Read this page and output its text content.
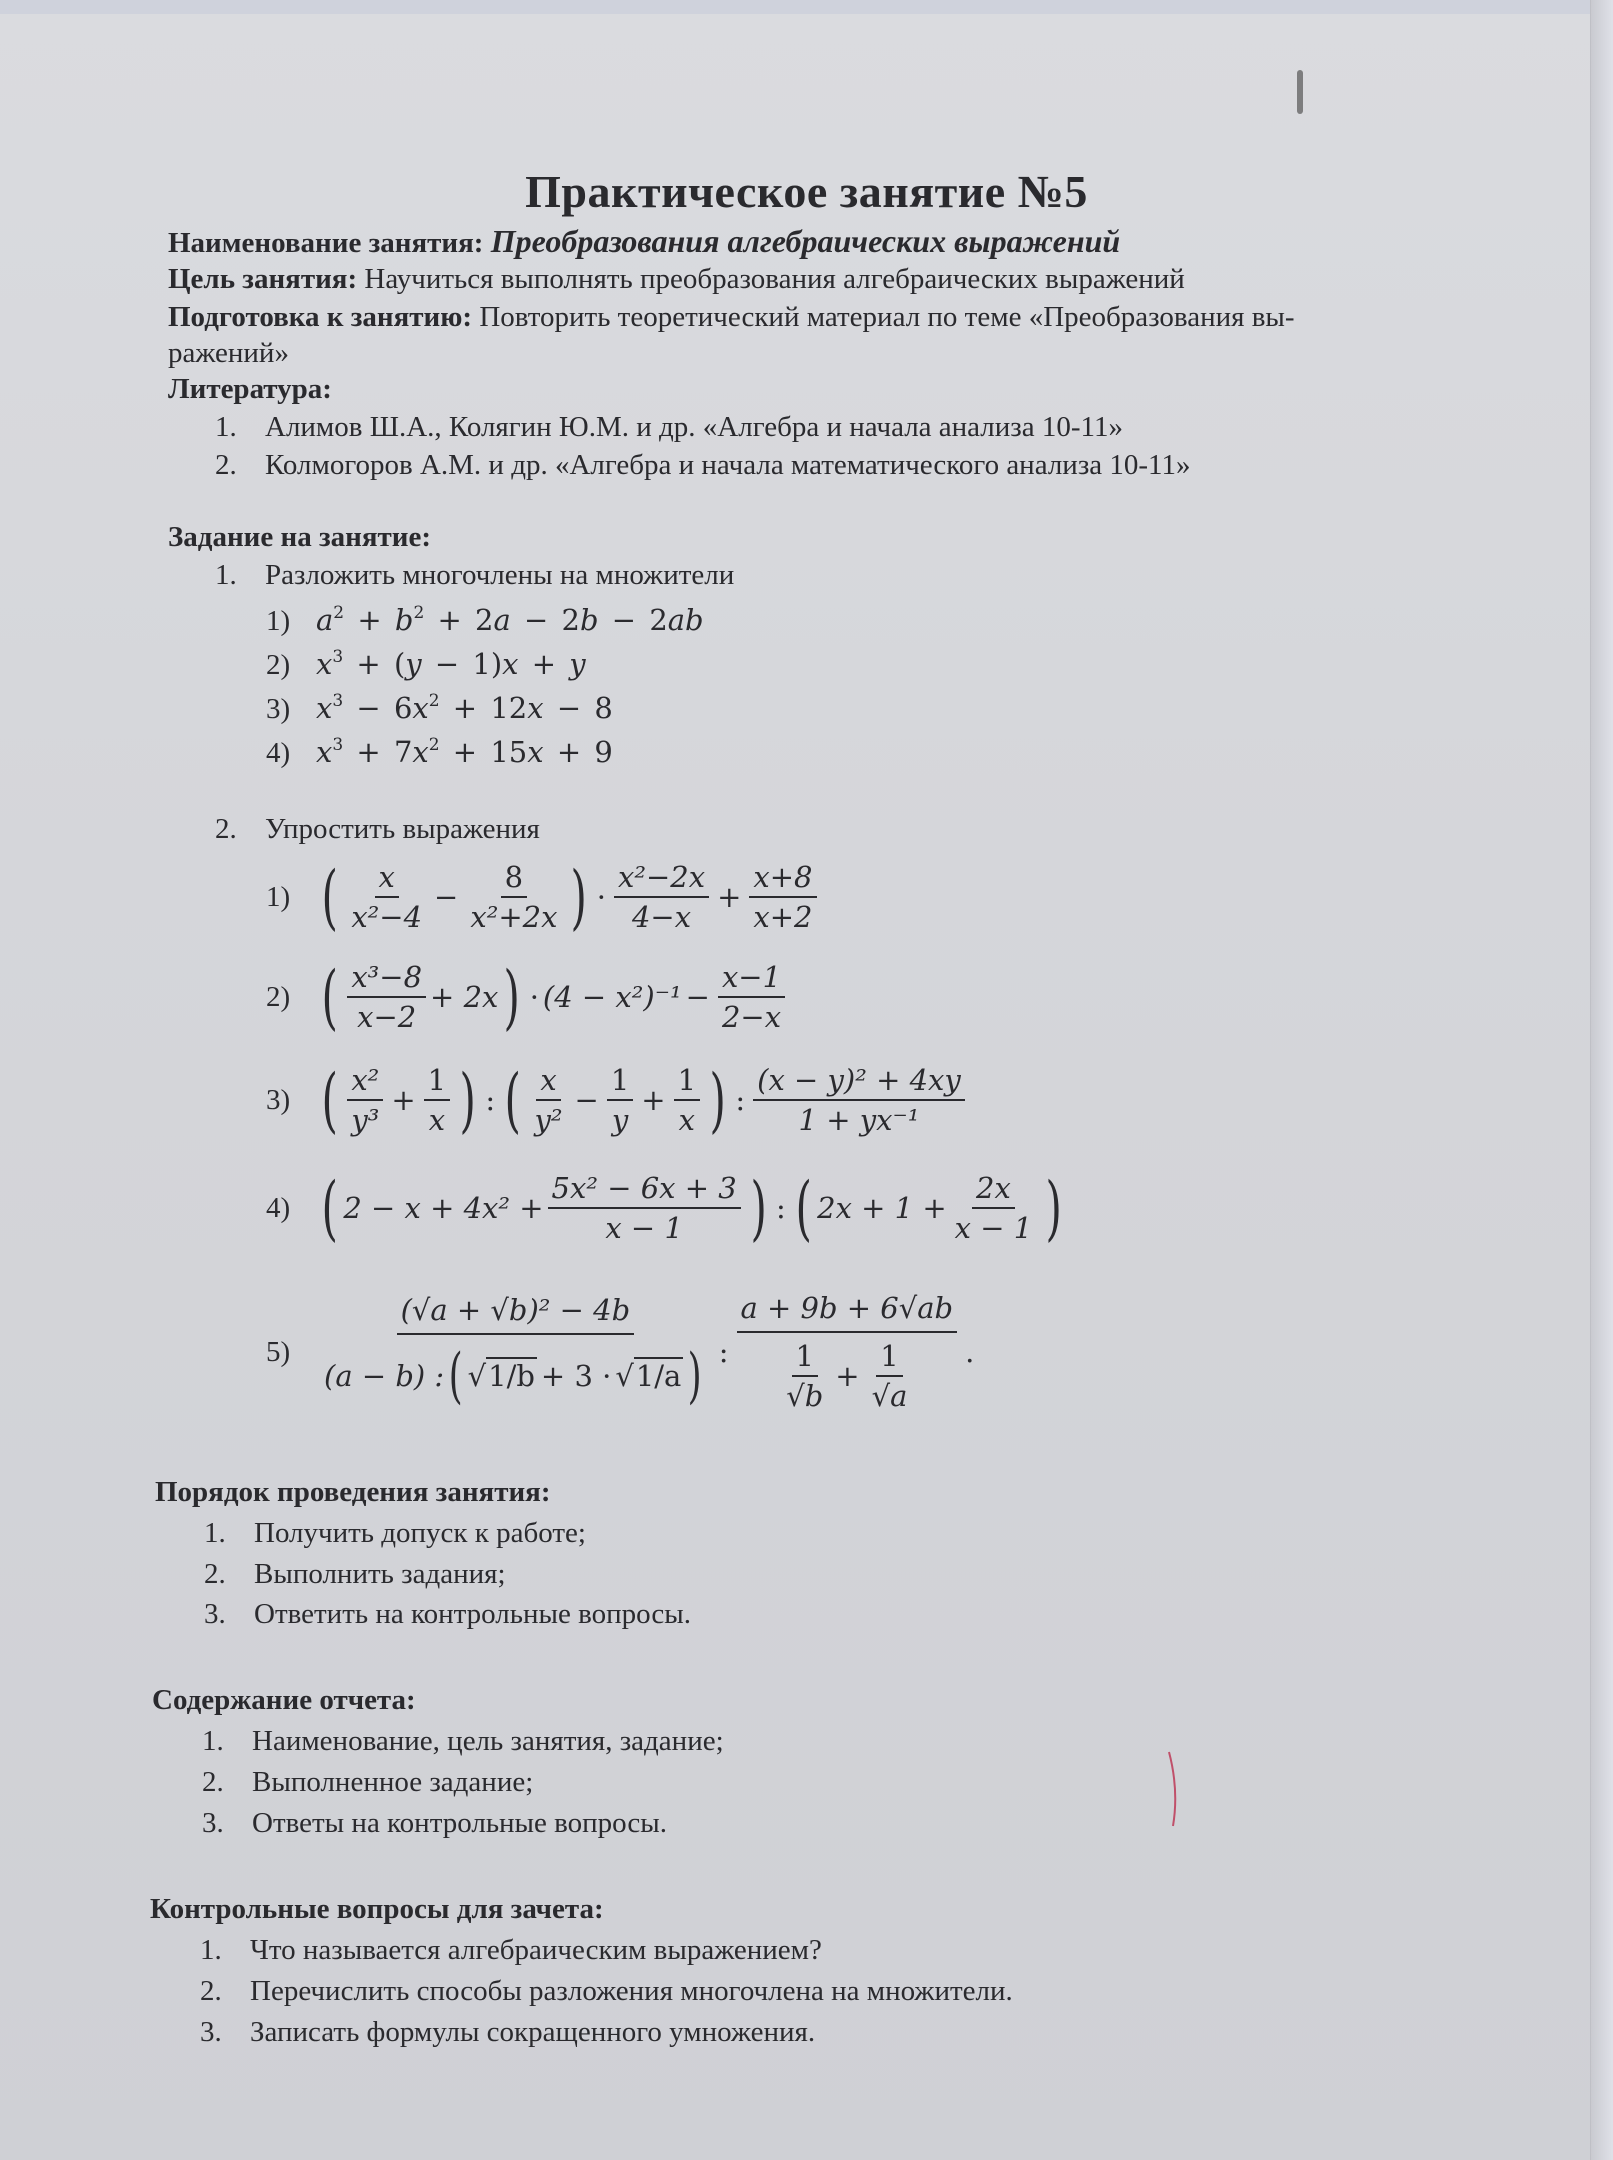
Практическое занятие №5
Наименование занятия: Преобразования алгебраических выражений
Цель занятия: Научиться выполнять преобразования алгебраических выражений
Подготовка к занятию: Повторить теоретический материал по теме «Преобразования вы-
ражений»
Литература:
1. Алимов Ш.А., Колягин Ю.М. и др. «Алгебра и начала анализа 10-11»
2. Колмогоров А.М. и др. «Алгебра и начала математического анализа 10-11»
Задание на занятие:
1. Разложить многочлены на множители
1) $a^2 + b^2 + 2a - 2b - 2ab$
2) $x^3 + (y - 1)x + y$
3) $x^3 - 6x^2 + 12x - 8$
4) $x^3 + 7x^2 + 15x + 9$
2. Упростить выражения
1) ( $\frac{x}{\text{x²−4}} - \frac{8}{\text{x²+2x}}$ ) · $\frac{\text{x²−2x}}{4-x} + \frac{x+8}{x+2}$
2) ( $\frac{\text{x³−8}}{x-2} + 2x$ ) · $(4 - x^2)^{-1} - \frac{x-1}{2-x}$
3) ( $\frac{\text{x²}}{\text{y³}} + \frac{1}{x}$ ) : ( $\frac{x}{\text{y²}} - \frac{1}{y} + \frac{1}{x}$ ) : $\frac{\text{(x − y)² + 4xy}}{\text{1 + yx⁻¹}}$
4) ( $2 - x + 4x^2 + \frac{\text{5x² − 6x + 3}}{x - 1}$ ) : ( $2x + 1 + \frac{2x}{x - 1}$ )
5)
(√a + √b)² − 4b
(a − b) : ( √1/b + 3 · √1/a ) : $\frac{a + 9b + 6√ab}{\frac{1}{√b} + \frac{1}{√a}}$ .
Порядок проведения занятия:
1. Получить допуск к работе;
2. Выполнить задания;
3. Ответить на контрольные вопросы.
Содержание отчета:
1. Наименование, цель занятия, задание;
2. Выполненное задание;
3. Ответы на контрольные вопросы.
Контрольные вопросы для зачета:
1. Что называется алгебраическим выражением?
2. Перечислить способы разложения многочлена на множители.
3. Записать формулы сокращенного умножения.
